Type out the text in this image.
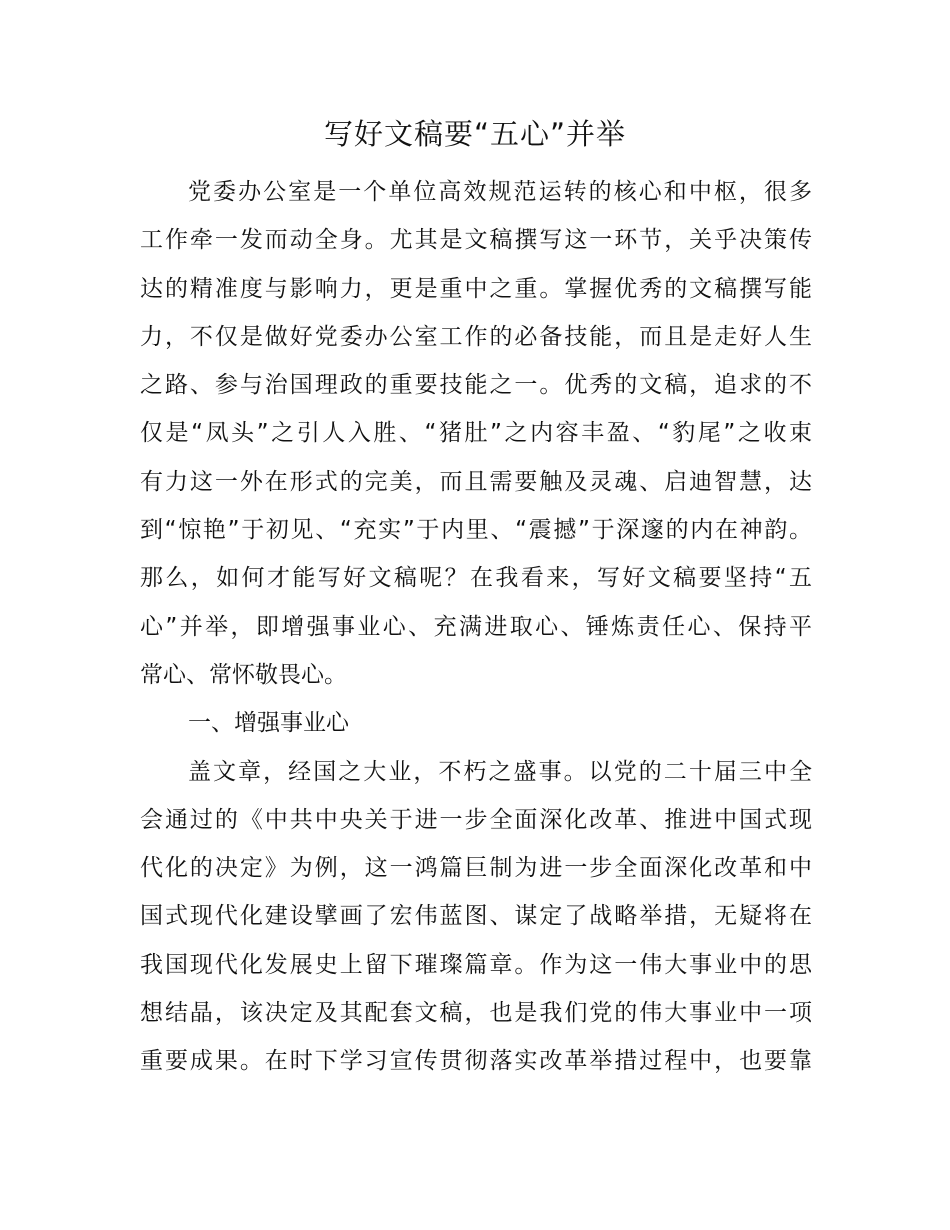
写好文稿要“五心”并举
党委办公室是一个单位高效规范运转的核心和中枢，很多
工作牵一发而动全身。尤其是文稿撰写这一环节，关乎决策传
达的精准度与影响力，更是重中之重。掌握优秀的文稿撰写能
力，不仅是做好党委办公室工作的必备技能，而且是走好人生
之路、参与治国理政的重要技能之一。优秀的文稿，追求的不
仅是“凤头”之引人入胜、“猪肚”之内容丰盈、“豹尾”之收束
有力这一外在形式的完美，而且需要触及灵魂、启迪智慧，达
到“惊艳”于初见、“充实”于内里、“震撼”于深邃的内在神韵。
那么，如何才能写好文稿呢？在我看来，写好文稿要坚持“五
心”并举，即增强事业心、充满进取心、锤炼责任心、保持平
常心、常怀敬畏心。
一、增强事业心
盖文章，经国之大业，不朽之盛事。以党的二十届三中全
会通过的《中共中央关于进一步全面深化改革、推进中国式现
代化的决定》为例，这一鸿篇巨制为进一步全面深化改革和中
国式现代化建设擘画了宏伟蓝图、谋定了战略举措，无疑将在
我国现代化发展史上留下璀璨篇章。作为这一伟大事业中的思
想结晶，该决定及其配套文稿，也是我们党的伟大事业中一项
重要成果。在时下学习宣传贯彻落实改革举措过程中，也要靠
